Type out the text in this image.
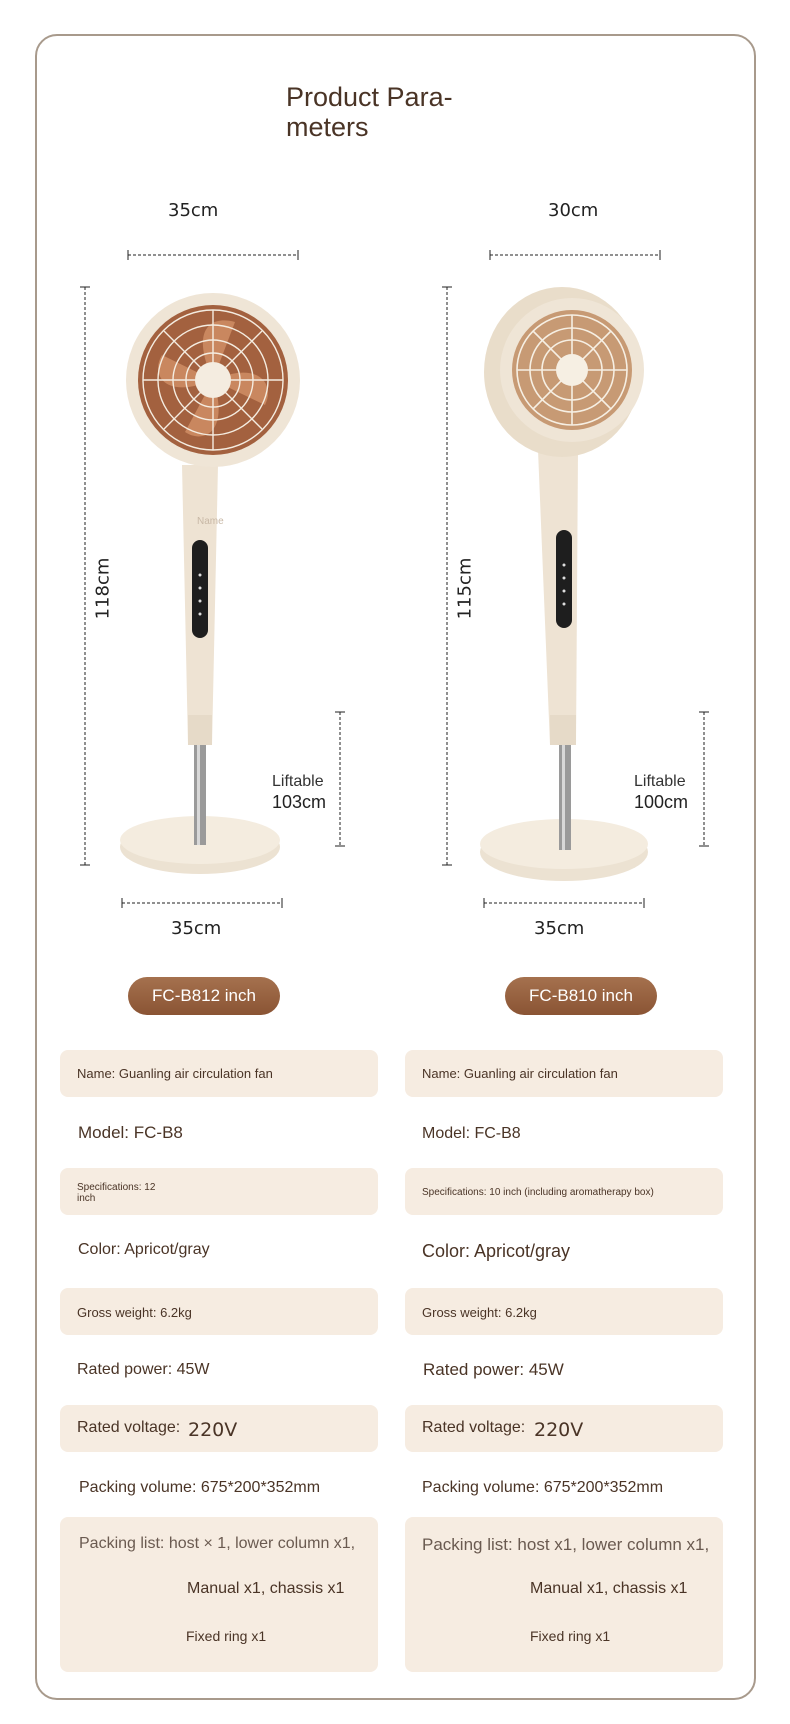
Product Para-
meters
35cm
118cm
Liftable
103cm
35cm
Name
30cm
115cm
Liftable
100cm
35cm
FC-B812 inch	FC-B810 inch
Name: Guanling air circulation fan
Model: FC-B8
Specifications: 12
inch
Color: Apricot/gray
Gross weight: 6.2kg
Rated power: 45W
Rated voltage: 220V
Packing volume: 675*200*352mm
Packing list: host × 1, lower column x1,
Manual x1, chassis x1
Fixed ring x1
Name: Guanling air circulation fan
Model: FC-B8
Specifications: 10 inch (including aromatherapy box)
Color: Apricot/gray
Gross weight: 6.2kg
Rated power: 45W
Rated voltage: 220V
Packing volume: 675*200*352mm
Packing list: host x1, lower column x1,
Manual x1, chassis x1
Fixed ring x1
